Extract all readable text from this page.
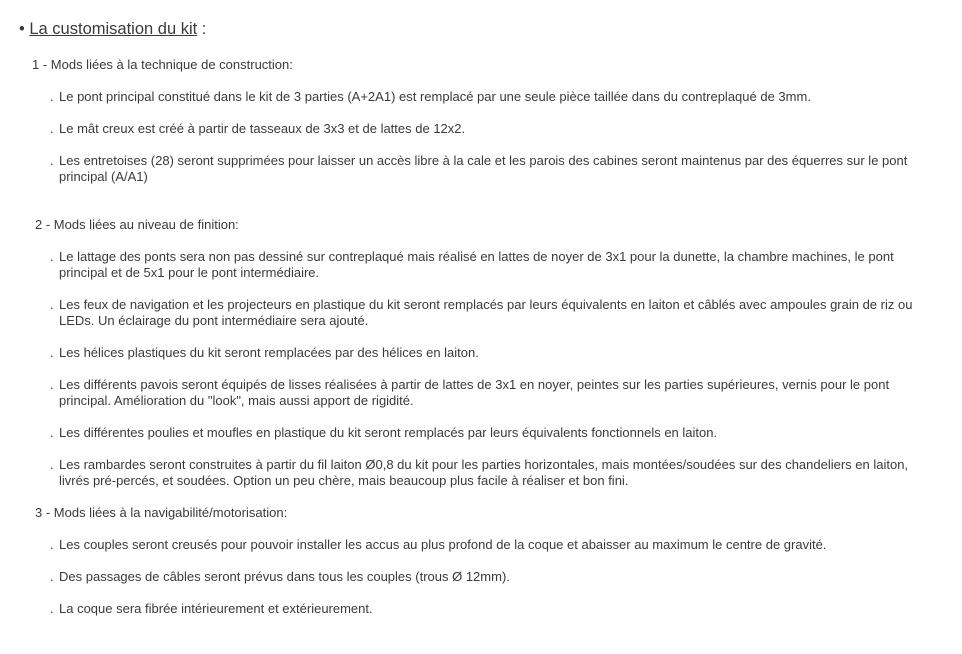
• La customisation du kit :
1 - Mods liées à la technique de construction:
. Le pont principal constitué dans le kit de 3 parties (A+2A1) est remplacé par une seule pièce taillée dans du contreplaqué de 3mm.
. Le mât creux est créé à partir de tasseaux de 3x3 et de lattes de 12x2.
. Les entretoises (28) seront supprimées pour laisser un accès libre à la cale et les parois des cabines seront maintenus par des équerres sur le pont principal (A/A1)
2 - Mods liées au niveau de finition:
. Le lattage des ponts sera non pas dessiné sur contreplaqué mais réalisé en lattes de noyer de 3x1 pour la dunette, la chambre machines, le pont principal et de 5x1 pour le pont intermédiaire.
. Les feux de navigation et les projecteurs en plastique du kit seront remplacés par leurs équivalents en laiton et câblés avec ampoules grain de riz ou LEDs. Un éclairage du pont intermédiaire sera ajouté.
. Les hélices plastiques du kit seront remplacées par des hélices en laiton.
. Les différents pavois seront équipés de lisses réalisées à partir de lattes de 3x1 en noyer, peintes sur les parties supérieures, vernis pour le pont principal. Amélioration du "look", mais aussi apport de rigidité.
. Les différentes poulies et moufles en plastique du kit seront remplacés par leurs équivalents fonctionnels en laiton.
. Les rambardes seront construites à partir du fil laiton Ø0,8 du kit pour les parties horizontales, mais montées/soudées sur des chandeliers en laiton, livrés pré-percés, et soudées. Option un peu chère, mais beaucoup plus facile à réaliser et bon fini.
3 - Mods liées à la navigabilité/motorisation:
. Les couples seront creusés pour pouvoir installer les accus au plus profond de la coque et abaisser au maximum le centre de gravité.
. Des passages de câbles seront prévus dans tous les couples (trous Ø 12mm).
. La coque sera fibrée intérieurement et extérieurement.
